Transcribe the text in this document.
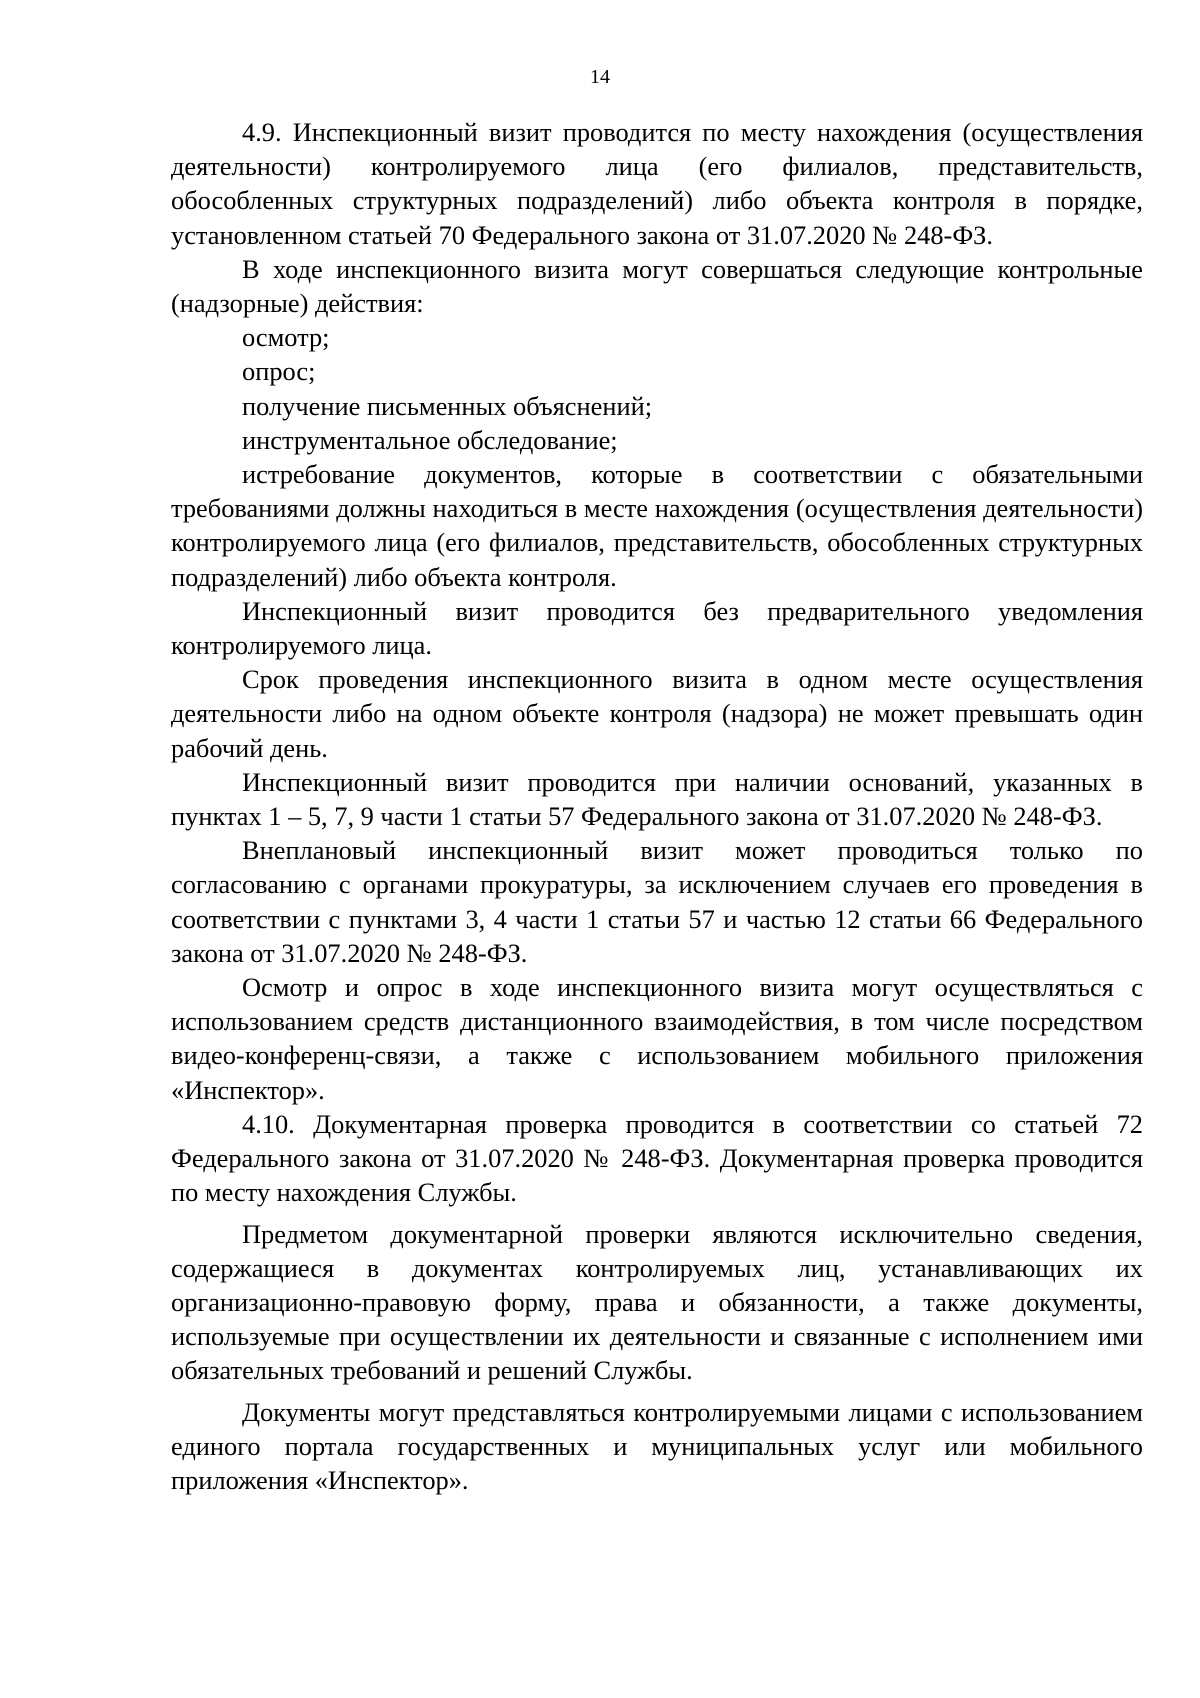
14

4.9. Инспекционный визит проводится по месту нахождения (осуществления деятельности) контролируемого лица (его филиалов, представительств, обособленных структурных подразделений) либо объекта контроля в порядке, установленном статьей 70 Федерального закона от 31.07.2020 № 248-ФЗ.

В ходе инспекционного визита могут совершаться следующие контрольные (надзорные) действия:

осмотр;

опрос;

получение письменных объяснений;

инструментальное обследование;

истребование документов, которые в соответствии с обязательными требованиями должны находиться в месте нахождения (осуществления деятельности) контролируемого лица (его филиалов, представительств, обособленных структурных подразделений) либо объекта контроля.

Инспекционный визит проводится без предварительного уведомления контролируемого лица.

Срок проведения инспекционного визита в одном месте осуществления деятельности либо на одном объекте контроля (надзора) не может превышать один рабочий день.

Инспекционный визит проводится при наличии оснований, указанных в пунктах 1 – 5, 7, 9 части 1 статьи 57 Федерального закона от 31.07.2020 № 248-ФЗ.

Внеплановый инспекционный визит может проводиться только по согласованию с органами прокуратуры, за исключением случаев его проведения в соответствии с пунктами 3, 4 части 1 статьи 57 и частью 12 статьи 66 Федерального закона от 31.07.2020 № 248-ФЗ.

Осмотр и опрос в ходе инспекционного визита могут осуществляться с использованием средств дистанционного взаимодействия, в том числе посредством видео-конференц-связи, а также с использованием мобильного приложения «Инспектор».

4.10. Документарная проверка проводится в соответствии со статьей 72 Федерального закона от 31.07.2020 № 248-ФЗ. Документарная проверка проводится по месту нахождения Службы.

Предметом документарной проверки являются исключительно сведения, содержащиеся в документах контролируемых лиц, устанавливающих их организационно-правовую форму, права и обязанности, а также документы, используемые при осуществлении их деятельности и связанные с исполнением ими обязательных требований и решений Службы.

Документы могут представляться контролируемыми лицами с использованием единого портала государственных и муниципальных услуг или мобильного приложения «Инспектор».
